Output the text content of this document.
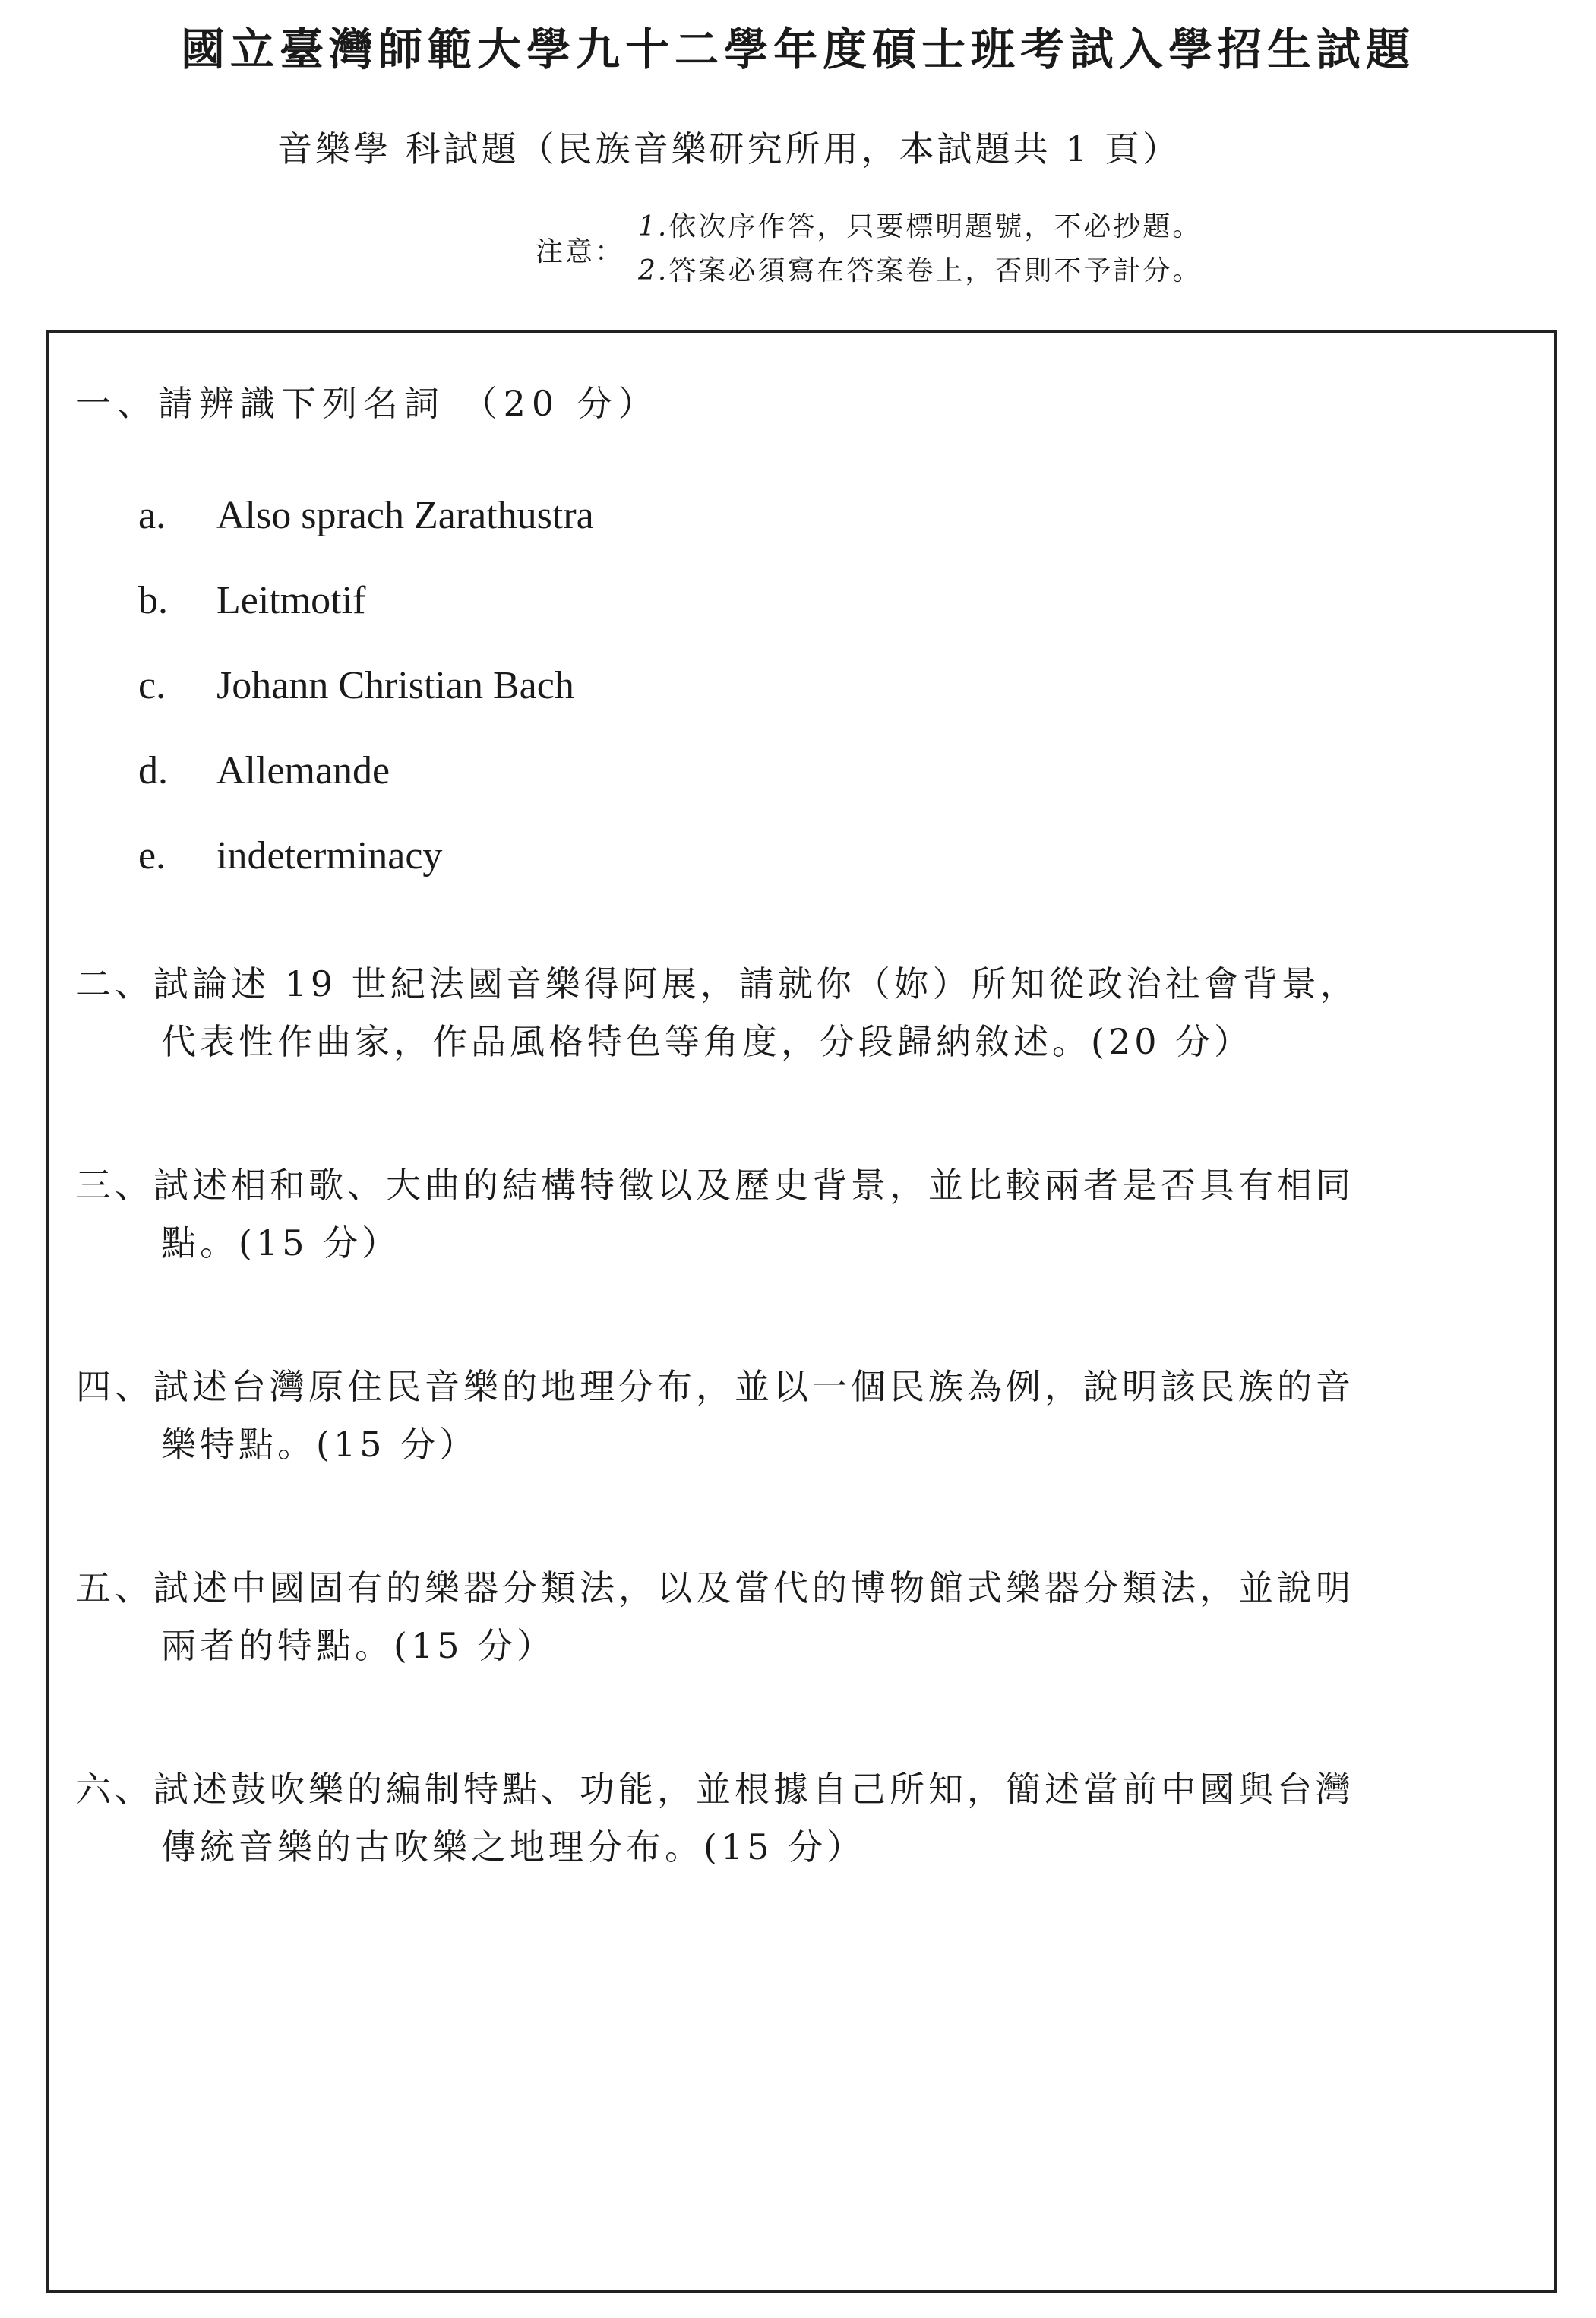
國立臺灣師範大學九十二學年度碩士班考試入學招生試題
音樂學 科試題（民族音樂研究所用，本試題共 1 頁）
注意：
1.依次序作答，只要標明題號，不必抄題。
2.答案必須寫在答案卷上，否則不予計分。
一、請辨識下列名詞 （20 分）
a.	Also sprach Zarathustra
b.	Leitmotif
c.	Johann Christian Bach
d.	Allemande
e.	indeterminacy
二、試論述 19 世紀法國音樂得阿展，請就你（妳）所知從政治社會背景，
代表性作曲家，作品風格特色等角度，分段歸納敘述。(20 分）
三、試述相和歌、大曲的結構特徵以及歷史背景，並比較兩者是否具有相同
點。(15 分）
四、試述台灣原住民音樂的地理分布，並以一個民族為例，說明該民族的音
樂特點。(15 分）
五、試述中國固有的樂器分類法，以及當代的博物館式樂器分類法，並說明
兩者的特點。(15 分）
六、試述鼓吹樂的編制特點、功能，並根據自己所知，簡述當前中國與台灣
傳統音樂的古吹樂之地理分布。(15 分）
